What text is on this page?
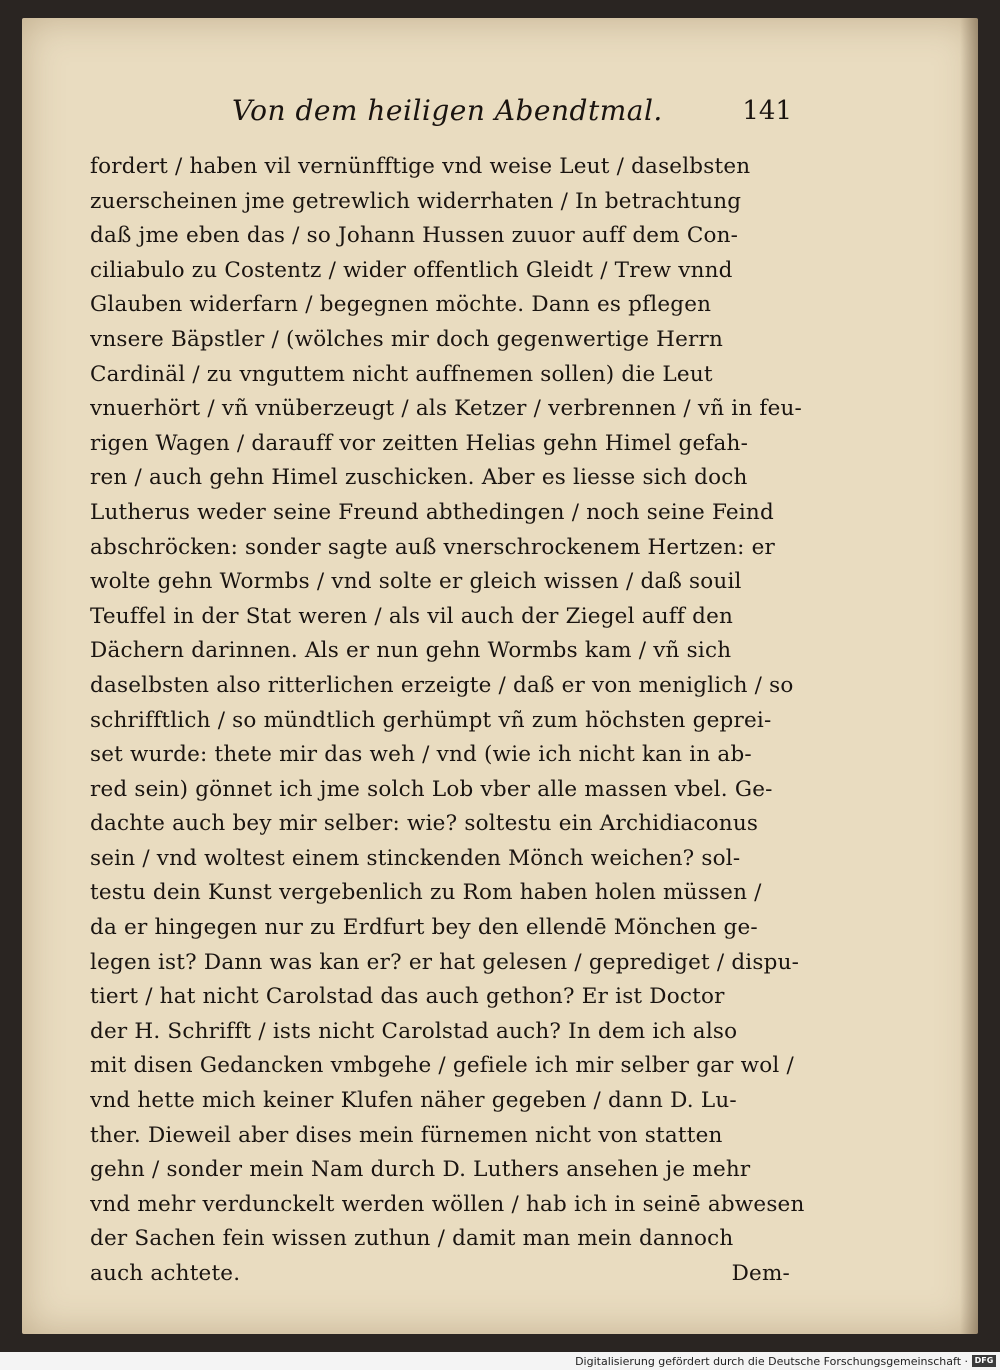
Von dem heiligen Abendtmal.	141
fordert / haben vil vernünfftige vnd weise Leut / daselbsten
zuerscheinen jme getrewlich widerrhaten / In betrachtung
daß jme eben das / so Johann Hussen zuuor auff dem Con-
ciliabulo zu Costentz / wider offentlich Gleidt / Trew vnnd
Glauben widerfarn / begegnen möchte. Dann es pflegen
vnsere Bäpstler / (wölches mir doch gegenwertige Herrn
Cardinäl / zu vnguttem nicht auffnemen sollen) die Leut
vnuerhört / vñ vnüberzeugt / als Ketzer / verbrennen / vñ in feu-
rigen Wagen / darauff vor zeitten Helias gehn Himel gefah-
ren / auch gehn Himel zuschicken. Aber es liesse sich doch
Lutherus weder seine Freund abthedingen / noch seine Feind
abschröcken: sonder sagte auß vnerschrockenem Hertzen: er
wolte gehn Wormbs / vnd solte er gleich wissen / daß souil
Teuffel in der Stat weren / als vil auch der Ziegel auff den
Dächern darinnen. Als er nun gehn Wormbs kam / vñ sich
daselbsten also ritterlichen erzeigte / daß er von meniglich / so
schrifftlich / so mündtlich gerhümpt vñ zum höchsten geprei-
set wurde: thete mir das weh / vnd (wie ich nicht kan in ab-
red sein) gönnet ich jme solch Lob vber alle massen vbel. Ge-
dachte auch bey mir selber: wie? soltestu ein Archidiaconus
sein / vnd woltest einem stinckenden Mönch weichen? sol-
testu dein Kunst vergebenlich zu Rom haben holen müssen /
da er hingegen nur zu Erdfurt bey den ellendē Mönchen ge-
legen ist? Dann was kan er? er hat gelesen / geprediget / dispu-
tiert / hat nicht Carolstad das auch gethon? Er ist Doctor
der H. Schrifft / ists nicht Carolstad auch? In dem ich also
mit disen Gedancken vmbgehe / gefiele ich mir selber gar wol /
vnd hette mich keiner Klufen näher gegeben / dann D. Lu-
ther. Dieweil aber dises mein fürnemen nicht von statten
gehn / sonder mein Nam durch D. Luthers ansehen je mehr
vnd mehr verdunckelt werden wöllen / hab ich in seinē abwesen
der Sachen fein wissen zuthun / damit man mein dannoch
auch achtete.	Dem-
Digitalisierung gefördert durch die Deutsche Forschungsgemeinschaft · DFG
